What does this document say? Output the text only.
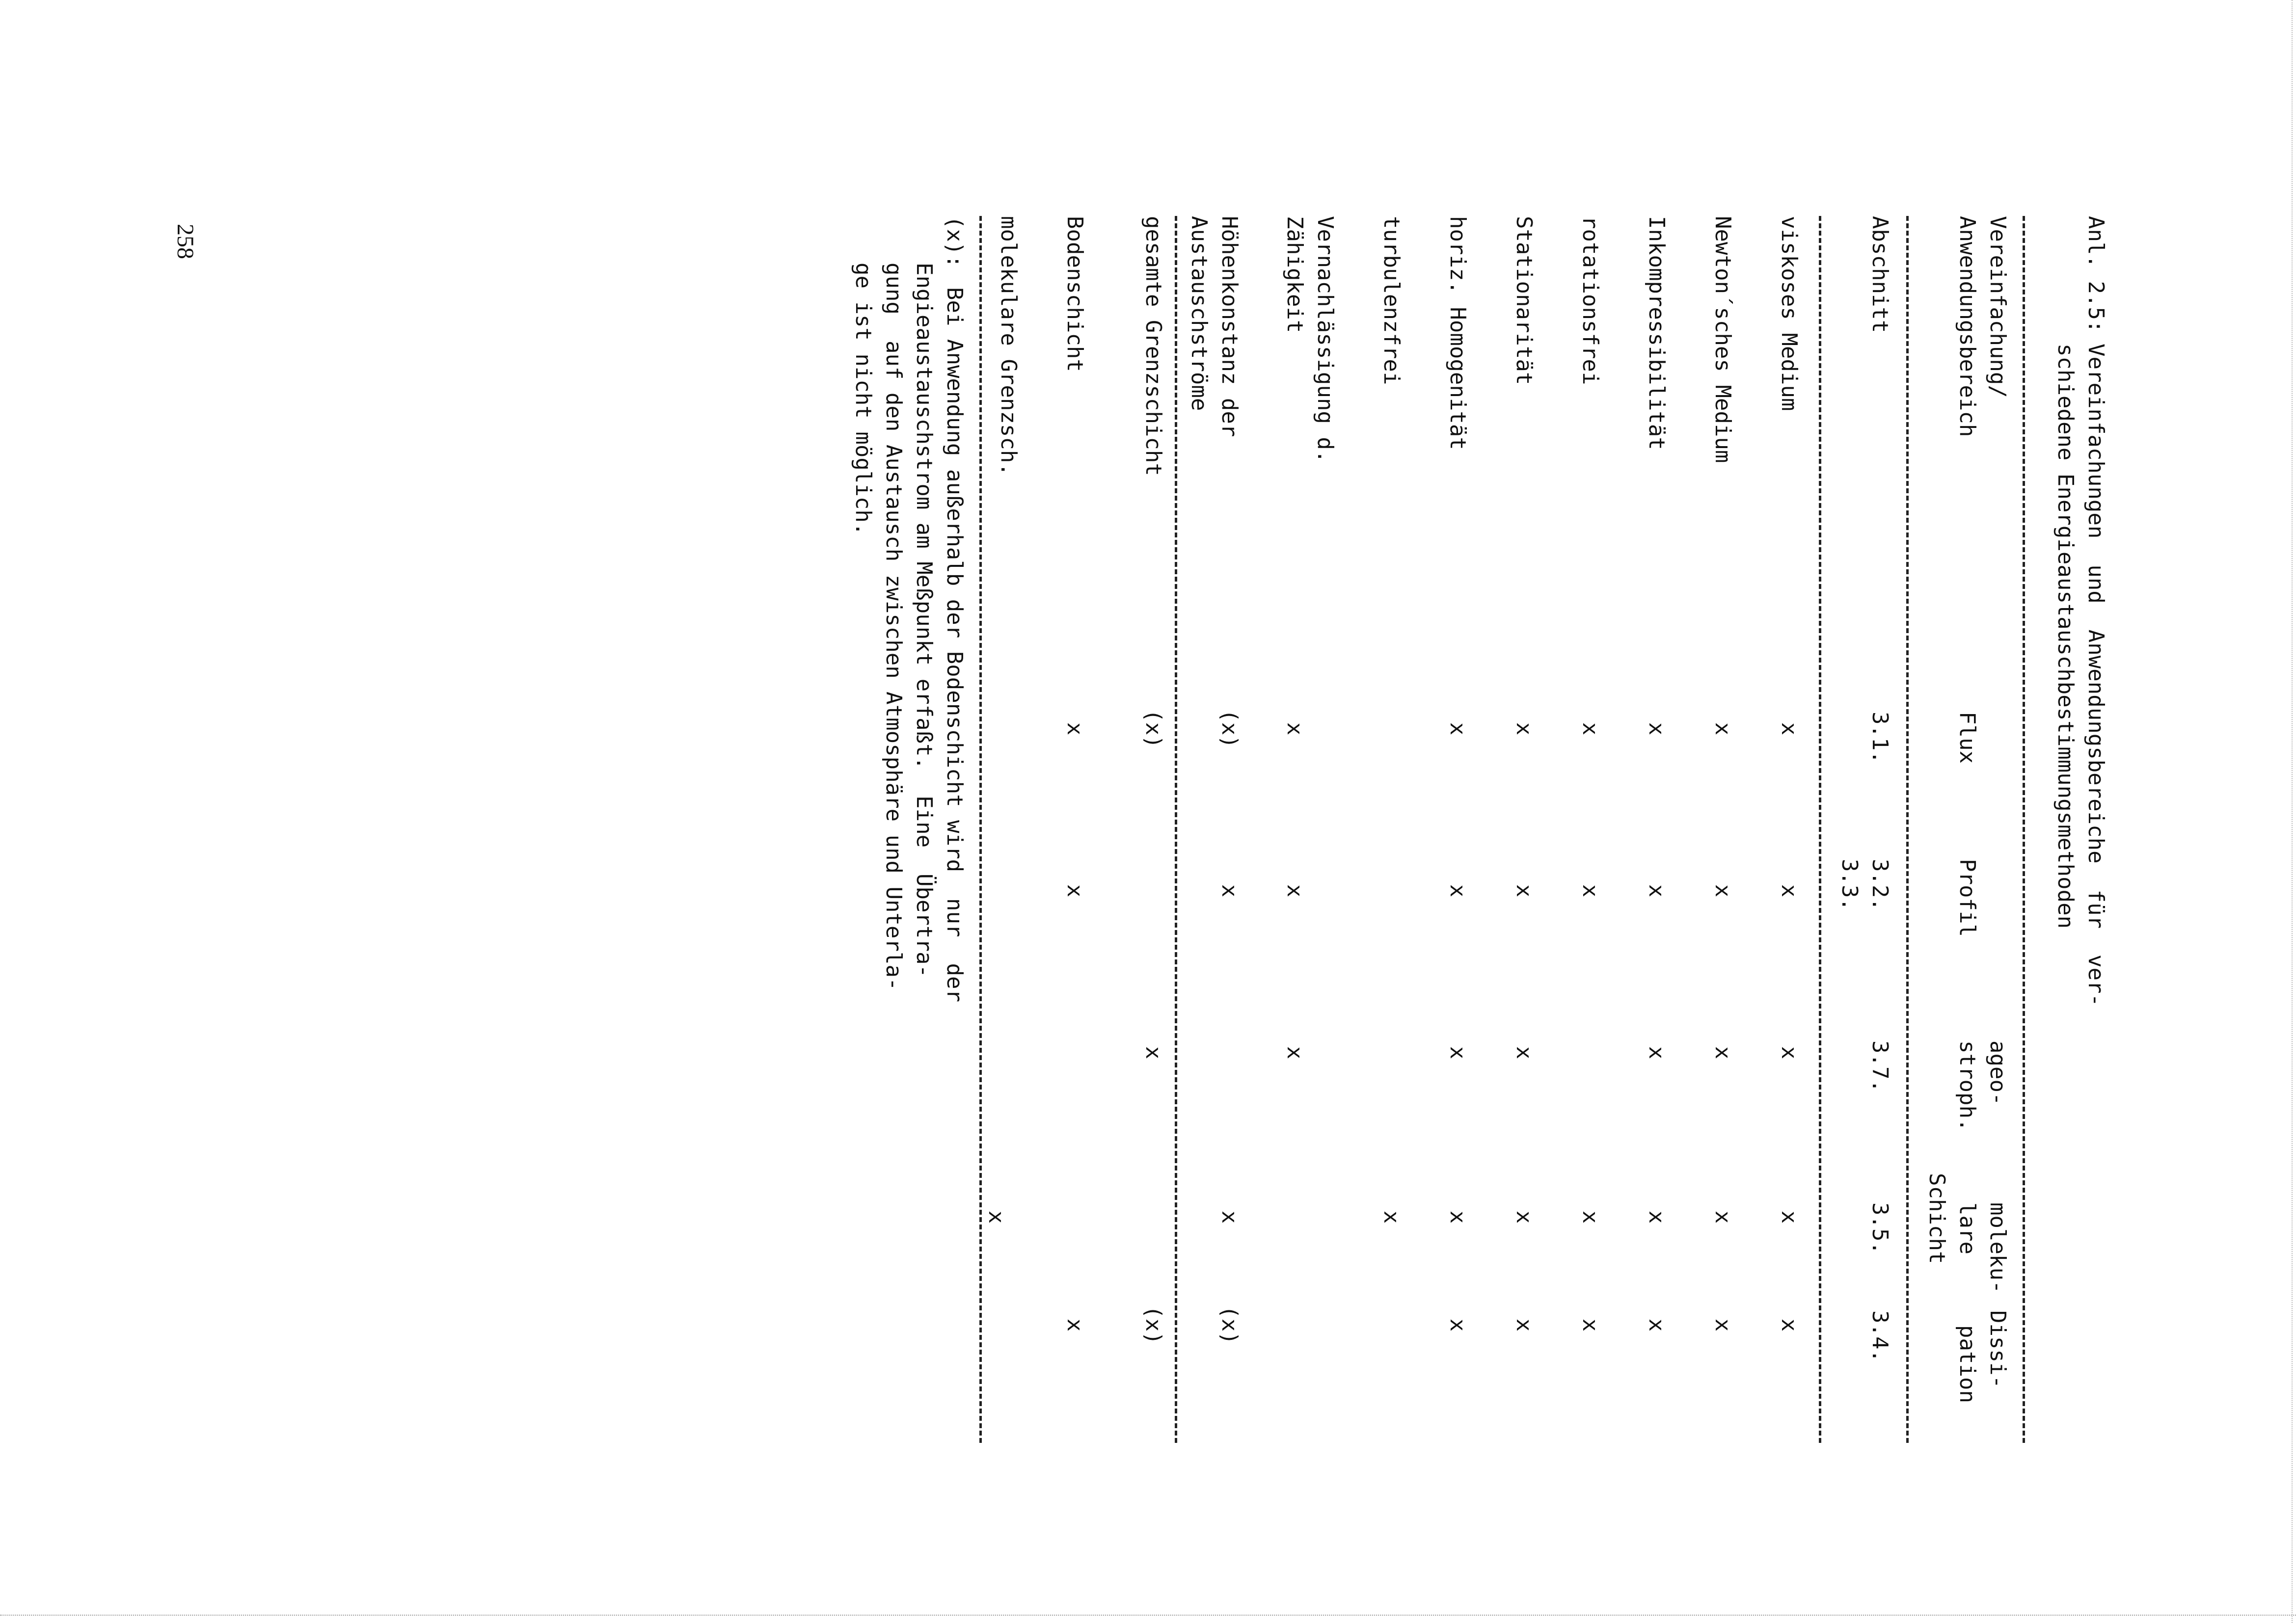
258	Anl. 2.5:
Vereinfachungen  und  Anwendungsbereiche  für  ver-
schiedene Energieaustauschbestimmungsmethoden
Vereinfachung/
Anwendungsbereich
Flux
Profil
ageo-
stroph.
moleku-
lare
Schicht
Dissi-
pation
Abschnitt
3.1.
3.2.
3.3.
3.7.
3.5.
3.4.
viskoses Medium
x
x
x
x
x
Newton´sches Medium
x
x
x
x
x
Inkompressibilität
x
x
x
x
x
rotationsfrei
x
x
x
x
Stationarität
x
x
x
x
x
horiz. Homogenität
x
x
x
x
x
turbulenzfrei
x
Vernachlässigung d.
Zähigkeit
x
x
x
Höhenkonstanz der
Austauschströme
(x)
x
x
(x)
gesamte Grenzschicht
(x)
x
(x)
Bodenschicht
x
x
x
molekulare Grenzsch.
x
(x):
Bei Anwendung außerhalb der Bodenschicht wird  nur  der
Engieaustauschstrom am Meßpunkt erfaßt.  Eine  Übertra-
gung  auf den Austausch zwischen Atmosphäre und Unterla-
ge ist nicht möglich.
